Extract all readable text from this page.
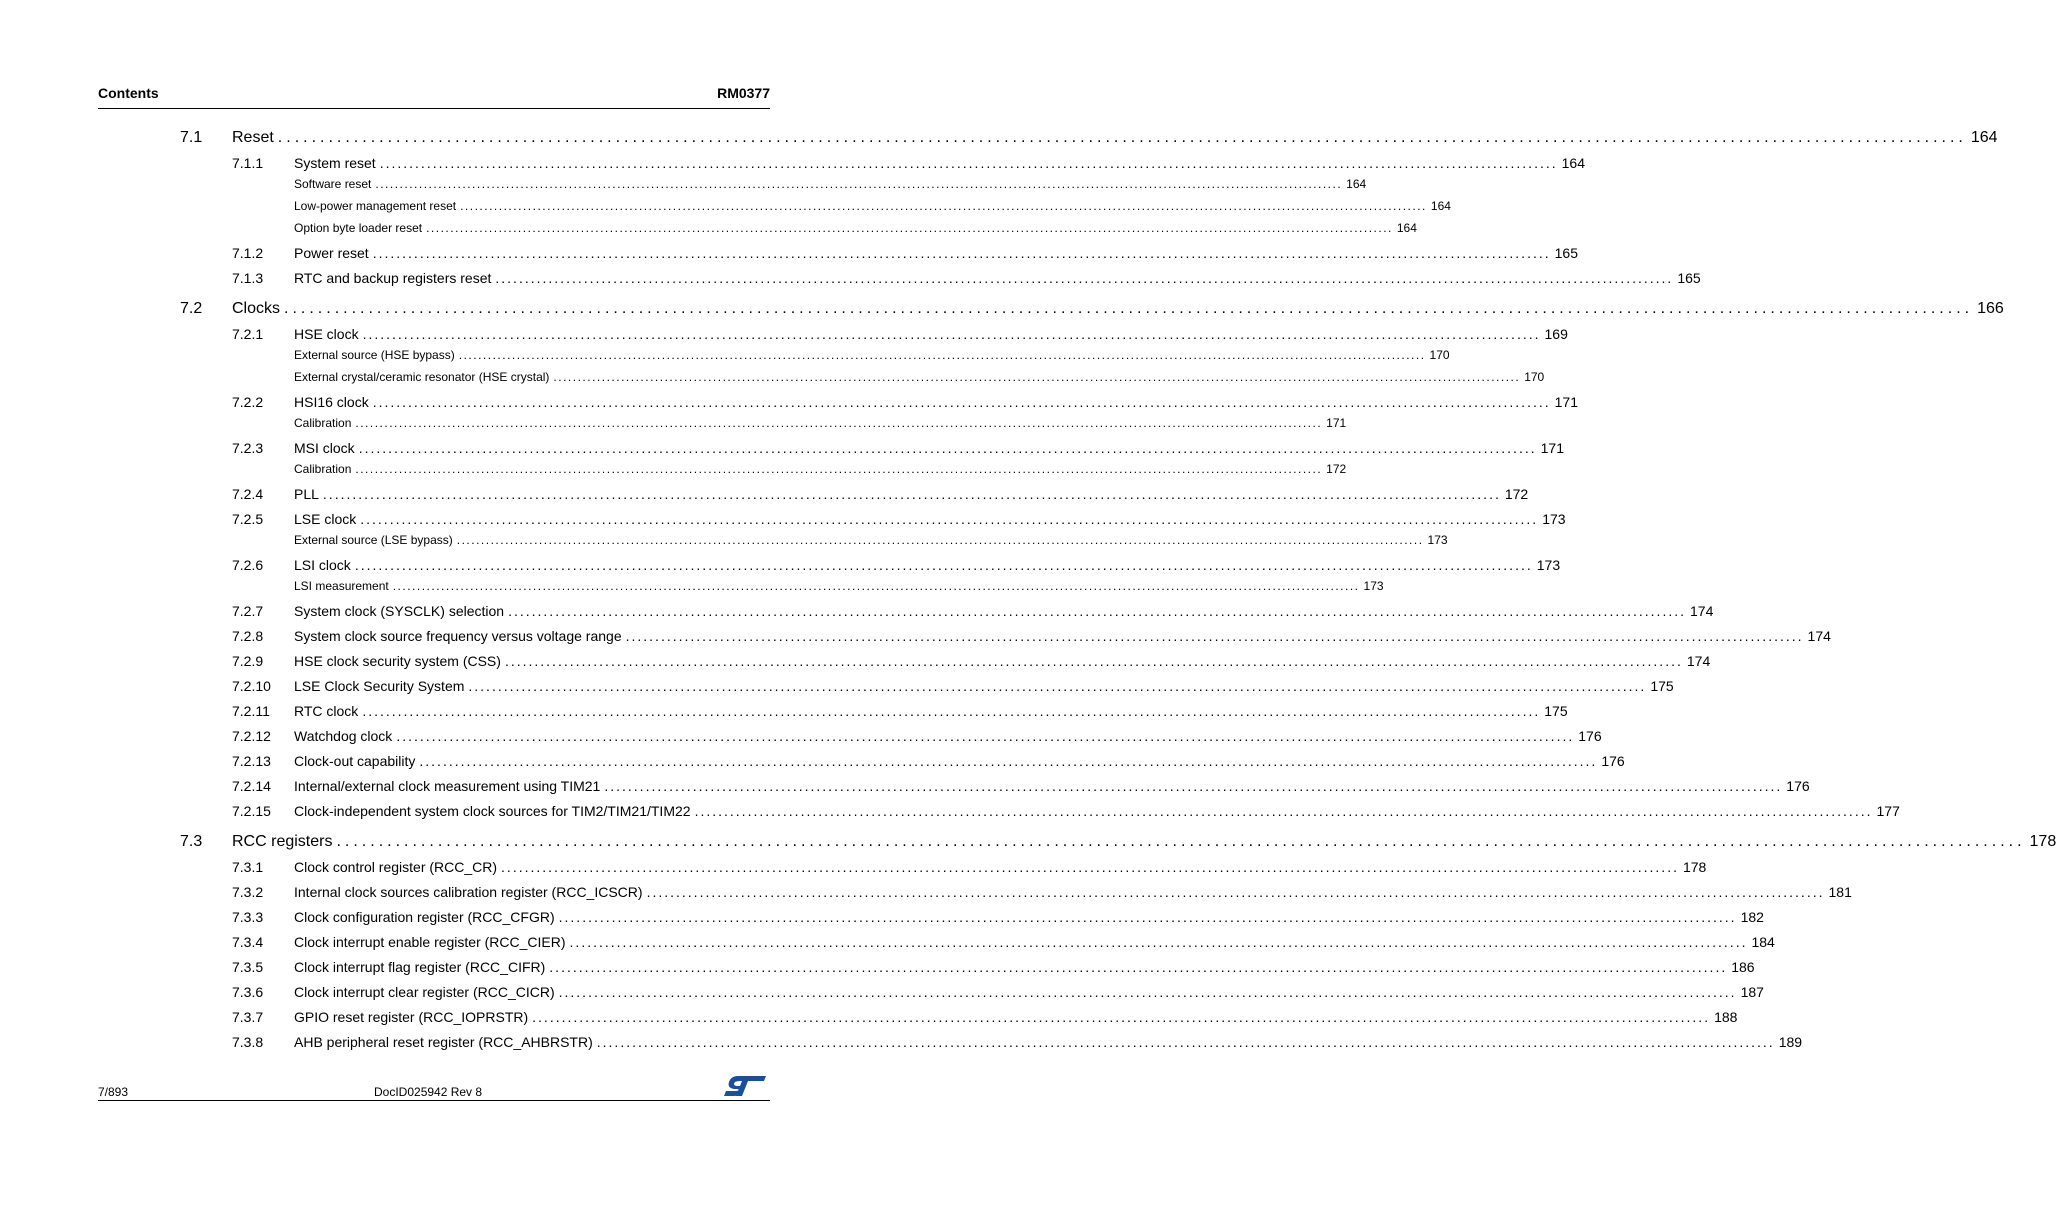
Contents	RM0377
7.1 Reset ........................................................................................................................................................................................................ 164
7.1.1 System reset ........................................................................................................................................................................................................ 164
Software reset ........................................................................................................................................................................................................ 164
Low-power management reset ........................................................................................................................................................................................................ 164
Option byte loader reset ........................................................................................................................................................................................................ 164
7.1.2 Power reset ........................................................................................................................................................................................................ 165
7.1.3 RTC and backup registers reset ........................................................................................................................................................................................................ 165
7.2 Clocks ........................................................................................................................................................................................................ 166
7.2.1 HSE clock ........................................................................................................................................................................................................ 169
External source (HSE bypass) ........................................................................................................................................................................................................ 170
External crystal/ceramic resonator (HSE crystal) ........................................................................................................................................................................................................ 170
7.2.2 HSI16 clock ........................................................................................................................................................................................................ 171
Calibration ........................................................................................................................................................................................................ 171
7.2.3 MSI clock ........................................................................................................................................................................................................ 171
Calibration ........................................................................................................................................................................................................ 172
7.2.4 PLL ........................................................................................................................................................................................................ 172
7.2.5 LSE clock ........................................................................................................................................................................................................ 173
External source (LSE bypass) ........................................................................................................................................................................................................ 173
7.2.6 LSI clock ........................................................................................................................................................................................................ 173
LSI measurement ........................................................................................................................................................................................................ 173
7.2.7 System clock (SYSCLK) selection ........................................................................................................................................................................................................ 174
7.2.8 System clock source frequency versus voltage range ........................................................................................................................................................................................................ 174
7.2.9 HSE clock security system (CSS) ........................................................................................................................................................................................................ 174
7.2.10 LSE Clock Security System ........................................................................................................................................................................................................ 175
7.2.11 RTC clock ........................................................................................................................................................................................................ 175
7.2.12 Watchdog clock ........................................................................................................................................................................................................ 176
7.2.13 Clock-out capability ........................................................................................................................................................................................................ 176
7.2.14 Internal/external clock measurement using TIM21 ........................................................................................................................................................................................................ 176
7.2.15 Clock-independent system clock sources for TIM2/TIM21/TIM22 ........................................................................................................................................................................................................ 177
7.3 RCC registers ........................................................................................................................................................................................................ 178
7.3.1 Clock control register (RCC_CR) ........................................................................................................................................................................................................ 178
7.3.2 Internal clock sources calibration register (RCC_ICSCR) ........................................................................................................................................................................................................ 181
7.3.3 Clock configuration register (RCC_CFGR) ........................................................................................................................................................................................................ 182
7.3.4 Clock interrupt enable register (RCC_CIER) ........................................................................................................................................................................................................ 184
7.3.5 Clock interrupt flag register (RCC_CIFR) ........................................................................................................................................................................................................ 186
7.3.6 Clock interrupt clear register (RCC_CICR) ........................................................................................................................................................................................................ 187
7.3.7 GPIO reset register (RCC_IOPRSTR) ........................................................................................................................................................................................................ 188
7.3.8 AHB peripheral reset register (RCC_AHBRSTR) ........................................................................................................................................................................................................ 189
7/893	DocID025942 Rev 8
